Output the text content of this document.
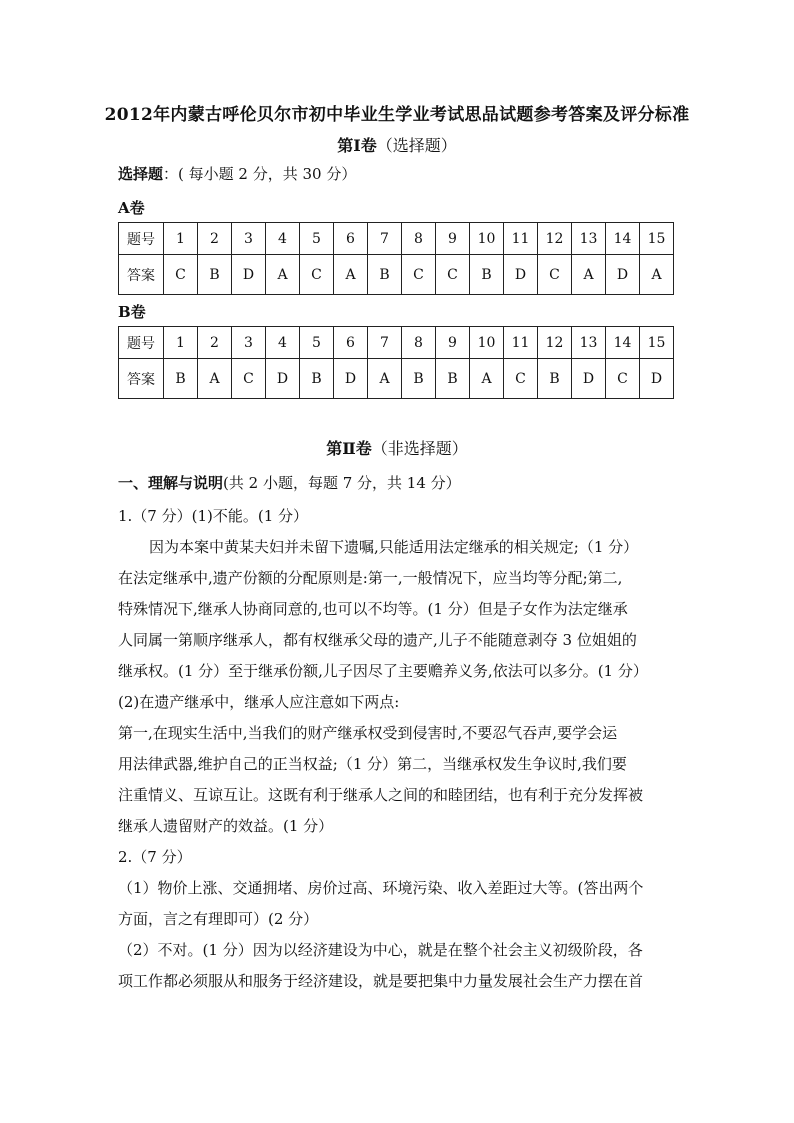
2012年内蒙古呼伦贝尔市初中毕业生学业考试思品试题参考答案及评分标准
第Ⅰ卷（选择题）
选择题：( 每小题 2 分，共 30 分）
A卷
题号	1	2	3	4	5	6	7	8	9	10	11	12	13	14	15
答案	C	B	D	A	C	A	B	C	C	B	D	C	A	D	A
B卷
题号	1	2	3	4	5	6	7	8	9	10	11	12	13	14	15
答案	B	A	C	D	B	D	A	B	B	A	C	B	D	C	D
第Ⅱ卷（非选择题）
一、理解与说明(共 2 小题，每题 7 分，共 14 分）
1.（7 分）(1)不能。(1 分）
因为本案中黄某夫妇并未留下遗嘱,只能适用法定继承的相关规定;（1 分）
在法定继承中,遗产份额的分配原则是:第一,一般情况下，应当均等分配;第二,
特殊情况下,继承人协商同意的,也可以不均等。(1 分）但是子女作为法定继承
人同属一第顺序继承人，都有权继承父母的遗产,儿子不能随意剥夺 3 位姐姐的
继承权。(1 分）至于继承份额,儿子因尽了主要赡养义务,依法可以多分。(1 分）
(2)在遗产继承中，继承人应注意如下两点:
第一,在现实生活中,当我们的财产继承权受到侵害时,不要忍气吞声,要学会运
用法律武器,维护自己的正当权益;（1 分）第二，当继承权发生争议时,我们要
注重情义、互谅互让。这既有利于继承人之间的和睦团结，也有利于充分发挥被
继承人遗留财产的效益。(1 分）
2.（7 分）
（1）物价上涨、交通拥堵、房价过高、环境污染、收入差距过大等。(答出两个
方面，言之有理即可）(2 分）
（2）不对。(1 分）因为以经济建设为中心，就是在整个社会主义初级阶段，各
项工作都必须服从和服务于经济建设，就是要把集中力量发展社会生产力摆在首
